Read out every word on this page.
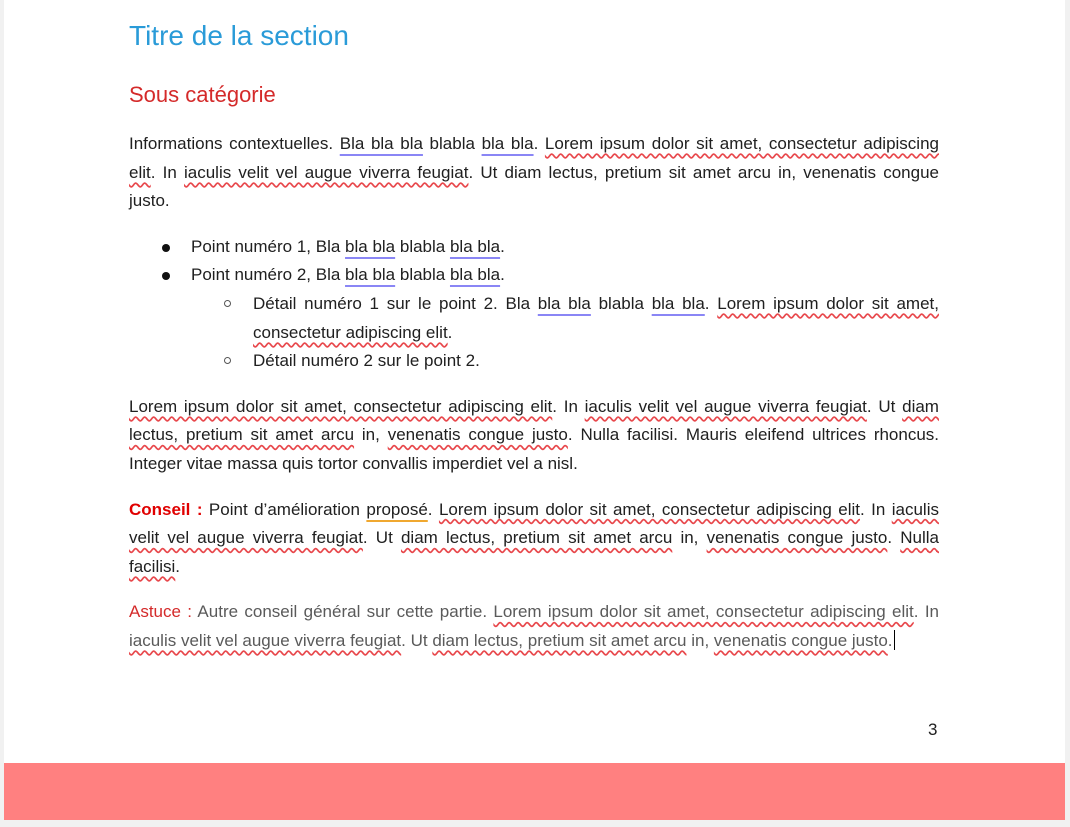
Titre de la section
Sous catégorie

Informations contextuelles. Bla bla bla blabla bla bla. Lorem ipsum dolor sit amet, consectetur adipiscing elit. In iaculis velit vel augue viverra feugiat. Ut diam lectus, pretium sit amet arcu in, venenatis congue justo.

Point numéro 1, Bla bla bla blabla bla bla.
Point numéro 2, Bla bla bla blabla bla bla.
Détail numéro 1 sur le point 2. Bla bla bla blabla bla bla. Lorem ipsum dolor sit amet, consectetur adipiscing elit.
Détail numéro 2 sur le point 2.

Lorem ipsum dolor sit amet, consectetur adipiscing elit. In iaculis velit vel augue viverra feugiat. Ut diam lectus, pretium sit amet arcu in, venenatis congue justo. Nulla facilisi. Mauris eleifend ultrices rhoncus. Integer vitae massa quis tortor convallis imperdiet vel a nisl.

Conseil : Point d’amélioration proposé. Lorem ipsum dolor sit amet, consectetur adipiscing elit. In iaculis velit vel augue viverra feugiat. Ut diam lectus, pretium sit amet arcu in, venenatis congue justo. Nulla facilisi.

Astuce : Autre conseil général sur cette partie. Lorem ipsum dolor sit amet, consectetur adipiscing elit. In iaculis velit vel augue viverra feugiat. Ut diam lectus, pretium sit amet arcu in, venenatis congue justo.

3
